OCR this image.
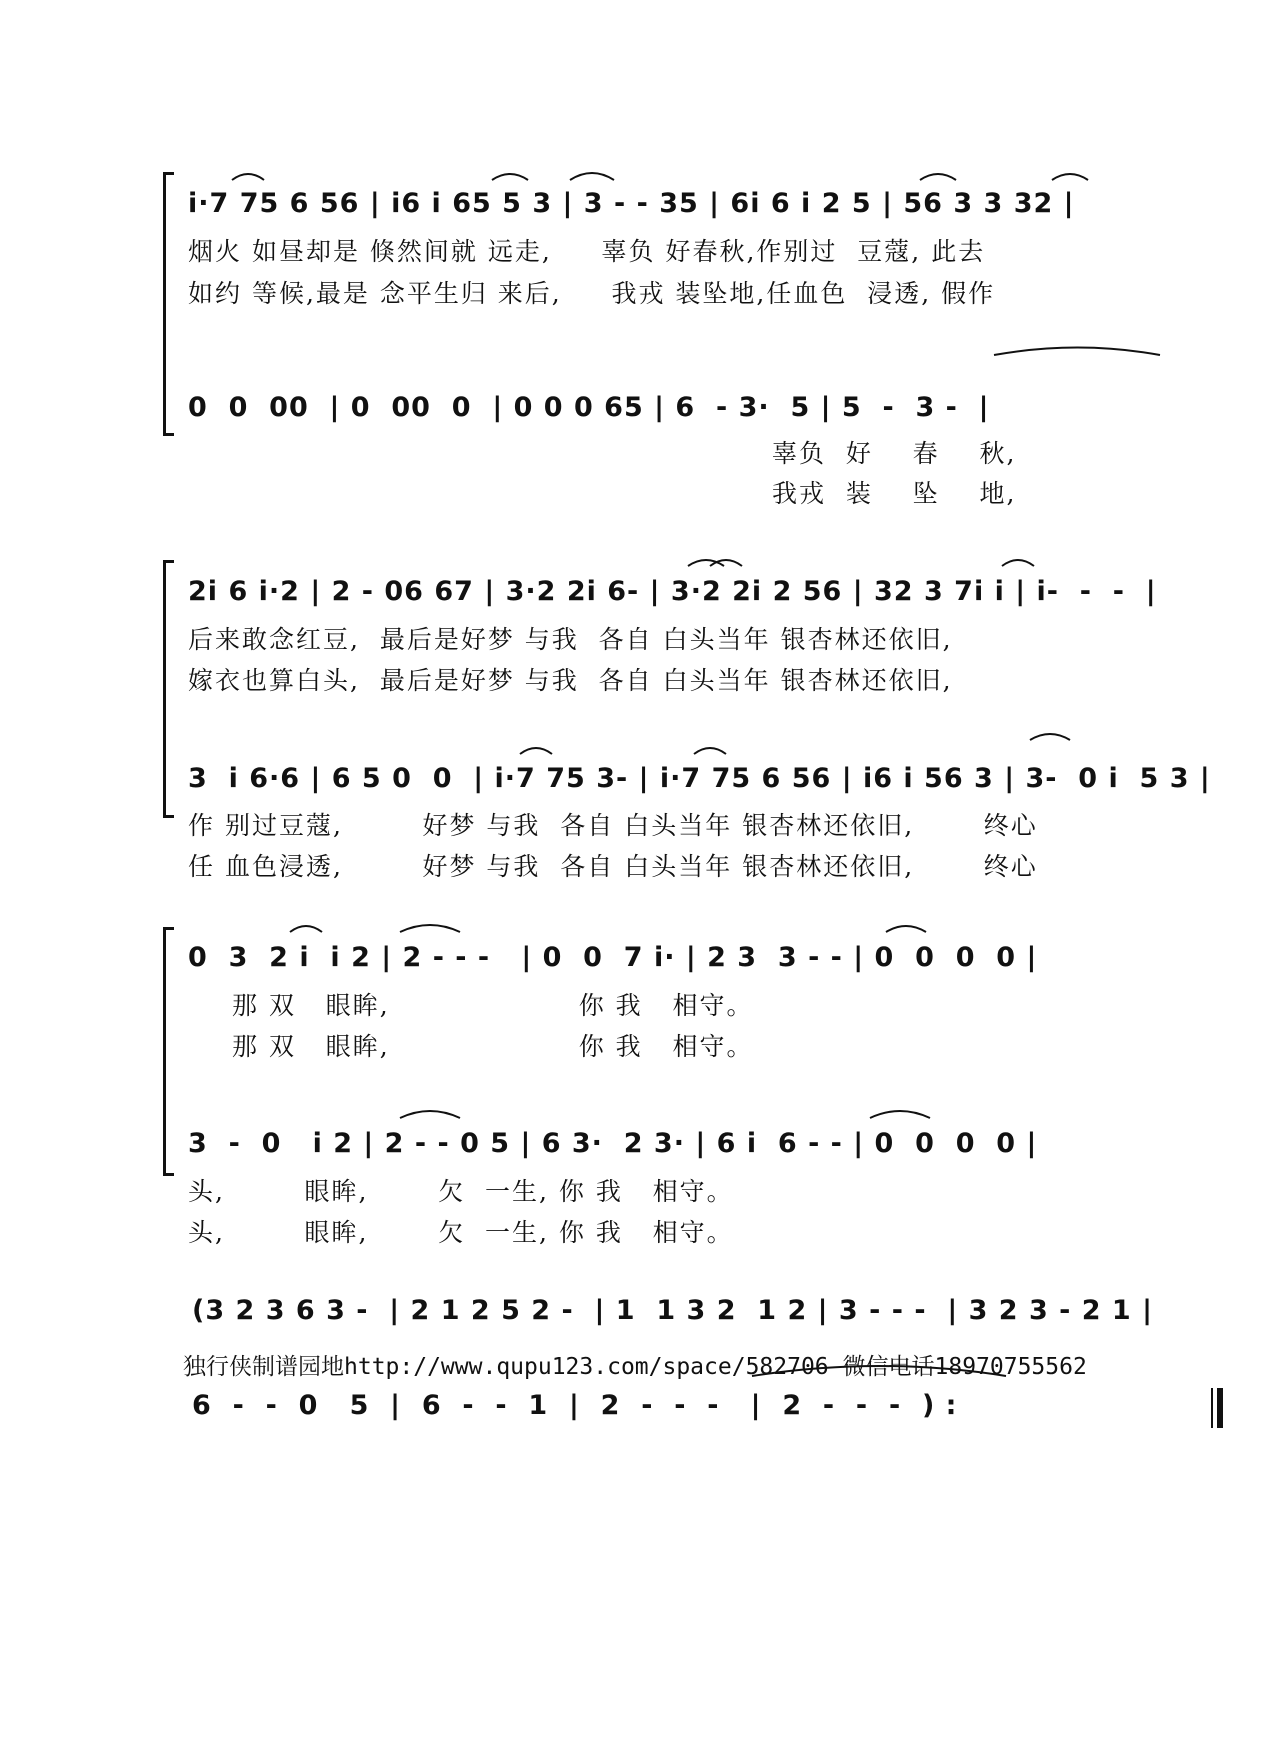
i·7 75 6 56 | i6 i 65 5 3 | 3 - - 35 | 6i 6 i 2 5 | 56 3 3 32 |
烟火 如昼却是 倏然间就 远走,     辜负 好春秋,作别过  豆蔻, 此去
如约 等候,最是 念平生归 来后,     我戎 装坠地,任血色  浸透, 假作
0  0  00  | 0  00  0  | 0 0 0 65 | 6  - 3·  5 | 5  -  3 -  |
辜负  好    春    秋,
我戎  装    坠    地,
2i 6 i·2 | 2 - 06 67 | 3·2 2i 6- | 3·2 2i 2 56 | 32 3 7i i | i-  -  -  |
后来敢念红豆,  最后是好梦 与我  各自 白头当年 银杏林还依旧,
嫁衣也算白头,  最后是好梦 与我  各自 白头当年 银杏林还依旧,
3  i 6·6 | 6 5 0  0  | i·7 75 3- | i·7 75 6 56 | i6 i 56 3 | 3-  0 i  5 3 |
作 别过豆蔻,        好梦 与我  各自 白头当年 银杏林还依旧,       终心
任 血色浸透,        好梦 与我  各自 白头当年 银杏林还依旧,       终心
0  3  2 i  i 2 | 2 - - -   | 0  0  7 i· | 2 3  3 - - | 0  0  0  0 |
那 双   眼眸,                   你 我   相守。
那 双   眼眸,                   你 我   相守。
3  -  0   i 2 | 2 - - 0 5 | 6 3·  2 3· | 6 i  6 - - | 0  0  0  0 |
头,        眼眸,       欠  一生, 你 我   相守。
头,        眼眸,       欠  一生, 你 我   相守。
(3 2 3 6 3 -  | 2 1 2 5 2 -  | 1  1 3 2  1 2 | 3 - - -  | 3 2 3 - 2 1 |
6  -  -  0   5  |  6  -  -  1  |  2  -  -  -   |  2  -  -  -  ) :
独行侠制谱园地http://www.qupu123.com/space/582706 微信电话18970755562
